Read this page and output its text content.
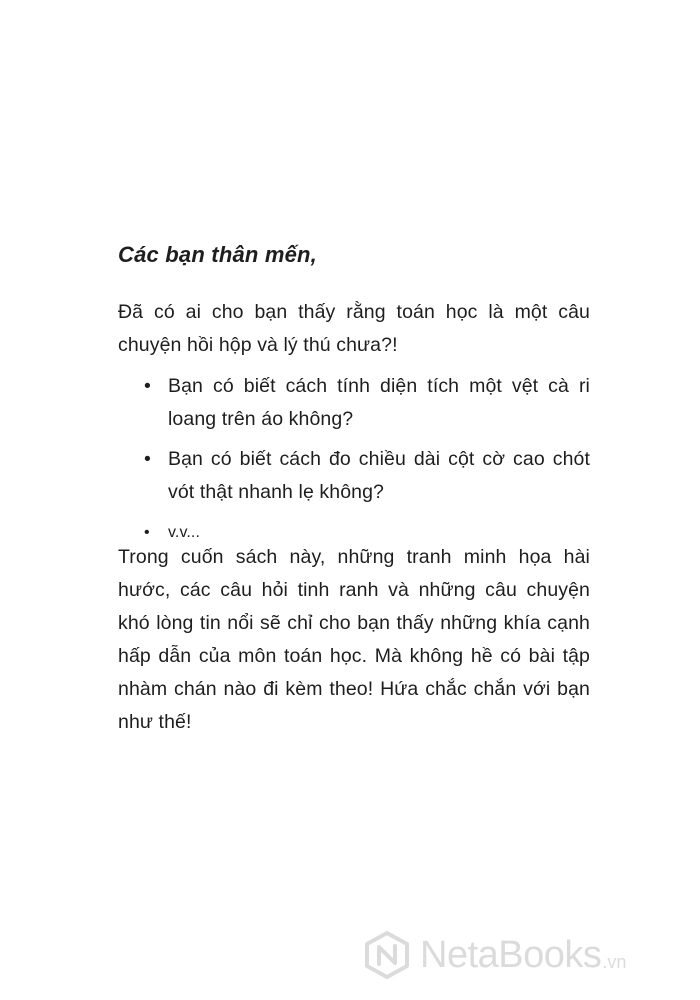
Các bạn thân mến,

Đã có ai cho bạn thấy rằng toán học là một câu chuyện hồi hộp và lý thú chưa?!

• Bạn có biết cách tính diện tích một vệt cà ri loang trên áo không?
• Bạn có biết cách đo chiều dài cột cờ cao chót vót thật nhanh lẹ không?
• v.v...

Trong cuốn sách này, những tranh minh họa hài hước, các câu hỏi tinh ranh và những câu chuyện khó lòng tin nổi sẽ chỉ cho bạn thấy những khía cạnh hấp dẫn của môn toán học. Mà không hề có bài tập nhàm chán nào đi kèm theo! Hứa chắc chắn với bạn như thế!

NetaBooks .vn
